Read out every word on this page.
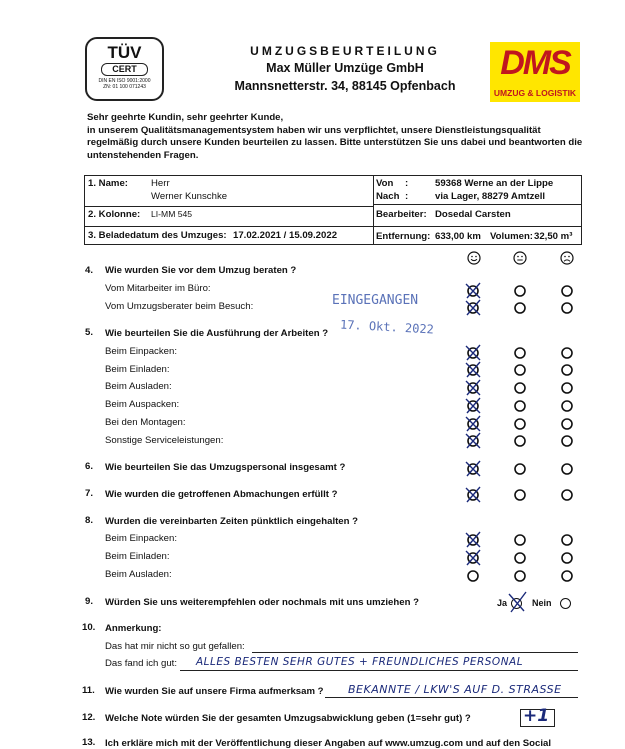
TÜV
CERT
DIN EN ISO 9001:2000
ZN: 01 100 071243
UMZUGSBEURTEILUNG
Max Müller Umzüge GmbH
Mannsnetterstr. 34, 88145 Opfenbach
DMS
UMZUG & LOGISTIK
Sehr geehrte Kundin, sehr geehrter Kunde,
in unserem Qualitätsmanagementsystem haben wir uns verpflichtet, unsere Dienstleistungsqualität
regelmäßig durch unsere Kunden beurteilen zu lassen. Bitte unterstützen Sie uns dabei und beantworten die
untenstehenden Fragen.
1. Name: Herr
Werner Kunschke
2. Kolonne: LI-MM 545
3. Beladedatum des Umzuges: 17.02.2021 / 15.09.2022
Von :	59368 Werne an der Lippe
Nach :	via Lager, 88279 Amtzell
Bearbeiter: Dosedal Carsten
Entfernung: 633,00 km Volumen: 32,50 m³
EINGEGANGEN
17. Okt. 2022
4. Wie wurden Sie vor dem Umzug beraten ?
Vom Mitarbeiter im Büro:
Vom Umzugsberater beim Besuch:
5. Wie beurteilen Sie die Ausführung der Arbeiten ?
Beim Einpacken:
Beim Einladen:
Beim Ausladen:
Beim Auspacken:
Bei den Montagen:
Sonstige Serviceleistungen:
6. Wie beurteilen Sie das Umzugspersonal insgesamt ?
7. Wie wurden die getroffenen Abmachungen erfüllt ?
8. Wurden die vereinbarten Zeiten pünktlich eingehalten ?
Beim Einpacken:
Beim Einladen:
Beim Ausladen:
9. Würden Sie uns weiterempfehlen oder nochmals mit uns umziehen ?	Ja	Nein
10. Anmerkung:
Das hat mir nicht so gut gefallen:
Das fand ich gut: ALLES BESTEN SEHR GUTES + FREUNDLICHES PERSONAL
11. Wie wurden Sie auf unsere Firma aufmerksam ? BEKANNTE / LKW'S AUF D. STRASSE
12. Welche Note würden Sie der gesamten Umzugsabwicklung geben (1=sehr gut) ?	+1
13. Ich erkläre mich mit der Veröffentlichung dieser Angaben auf www.umzug.com und auf den Social
